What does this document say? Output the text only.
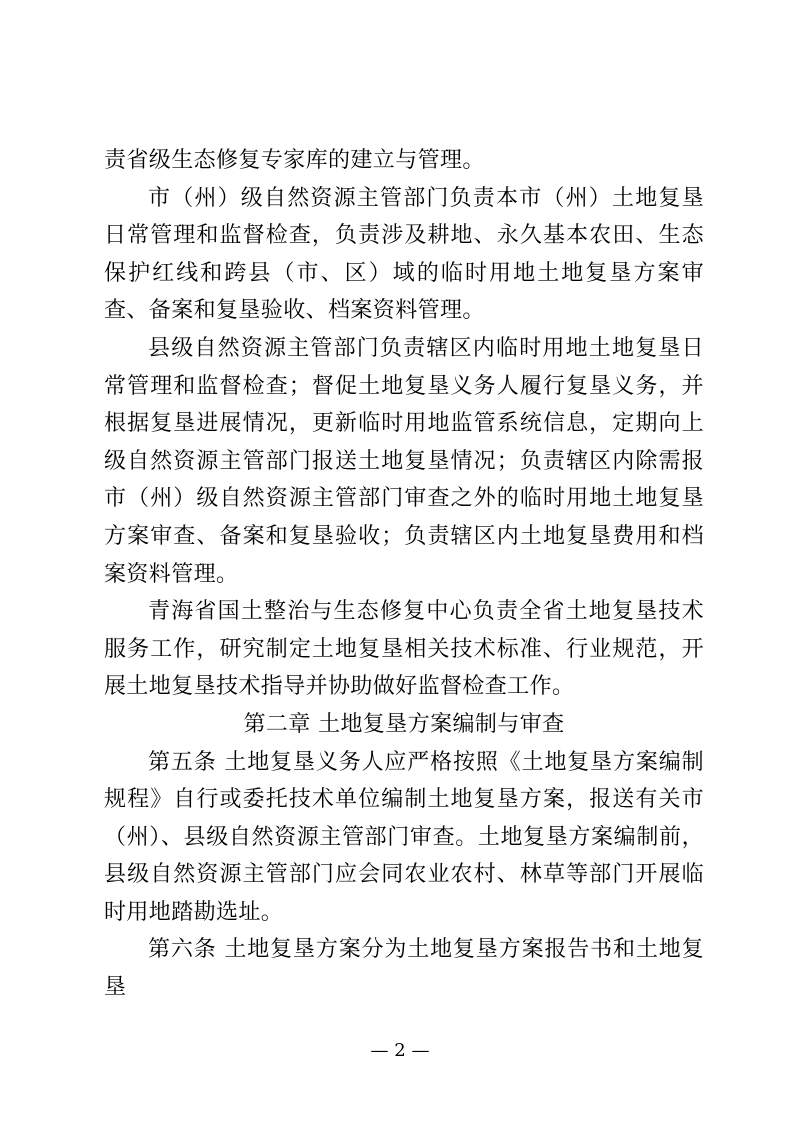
责省级生态修复专家库的建立与管理。

市（州）级自然资源主管部门负责本市（州）土地复垦日常管理和监督检查，负责涉及耕地、永久基本农田、生态保护红线和跨县（市、区）域的临时用地土地复垦方案审查、备案和复垦验收、档案资料管理。

县级自然资源主管部门负责辖区内临时用地土地复垦日常管理和监督检查；督促土地复垦义务人履行复垦义务，并根据复垦进展情况，更新临时用地监管系统信息，定期向上级自然资源主管部门报送土地复垦情况；负责辖区内除需报市（州）级自然资源主管部门审查之外的临时用地土地复垦方案审查、备案和复垦验收；负责辖区内土地复垦费用和档案资料管理。

青海省国土整治与生态修复中心负责全省土地复垦技术服务工作，研究制定土地复垦相关技术标准、行业规范，开展土地复垦技术指导并协助做好监督检查工作。

第二章 土地复垦方案编制与审查

第五条 土地复垦义务人应严格按照《土地复垦方案编制规程》自行或委托技术单位编制土地复垦方案，报送有关市（州）、县级自然资源主管部门审查。土地复垦方案编制前，县级自然资源主管部门应会同农业农村、林草等部门开展临时用地踏勘选址。

第六条 土地复垦方案分为土地复垦方案报告书和土地复垦

— 2 —
